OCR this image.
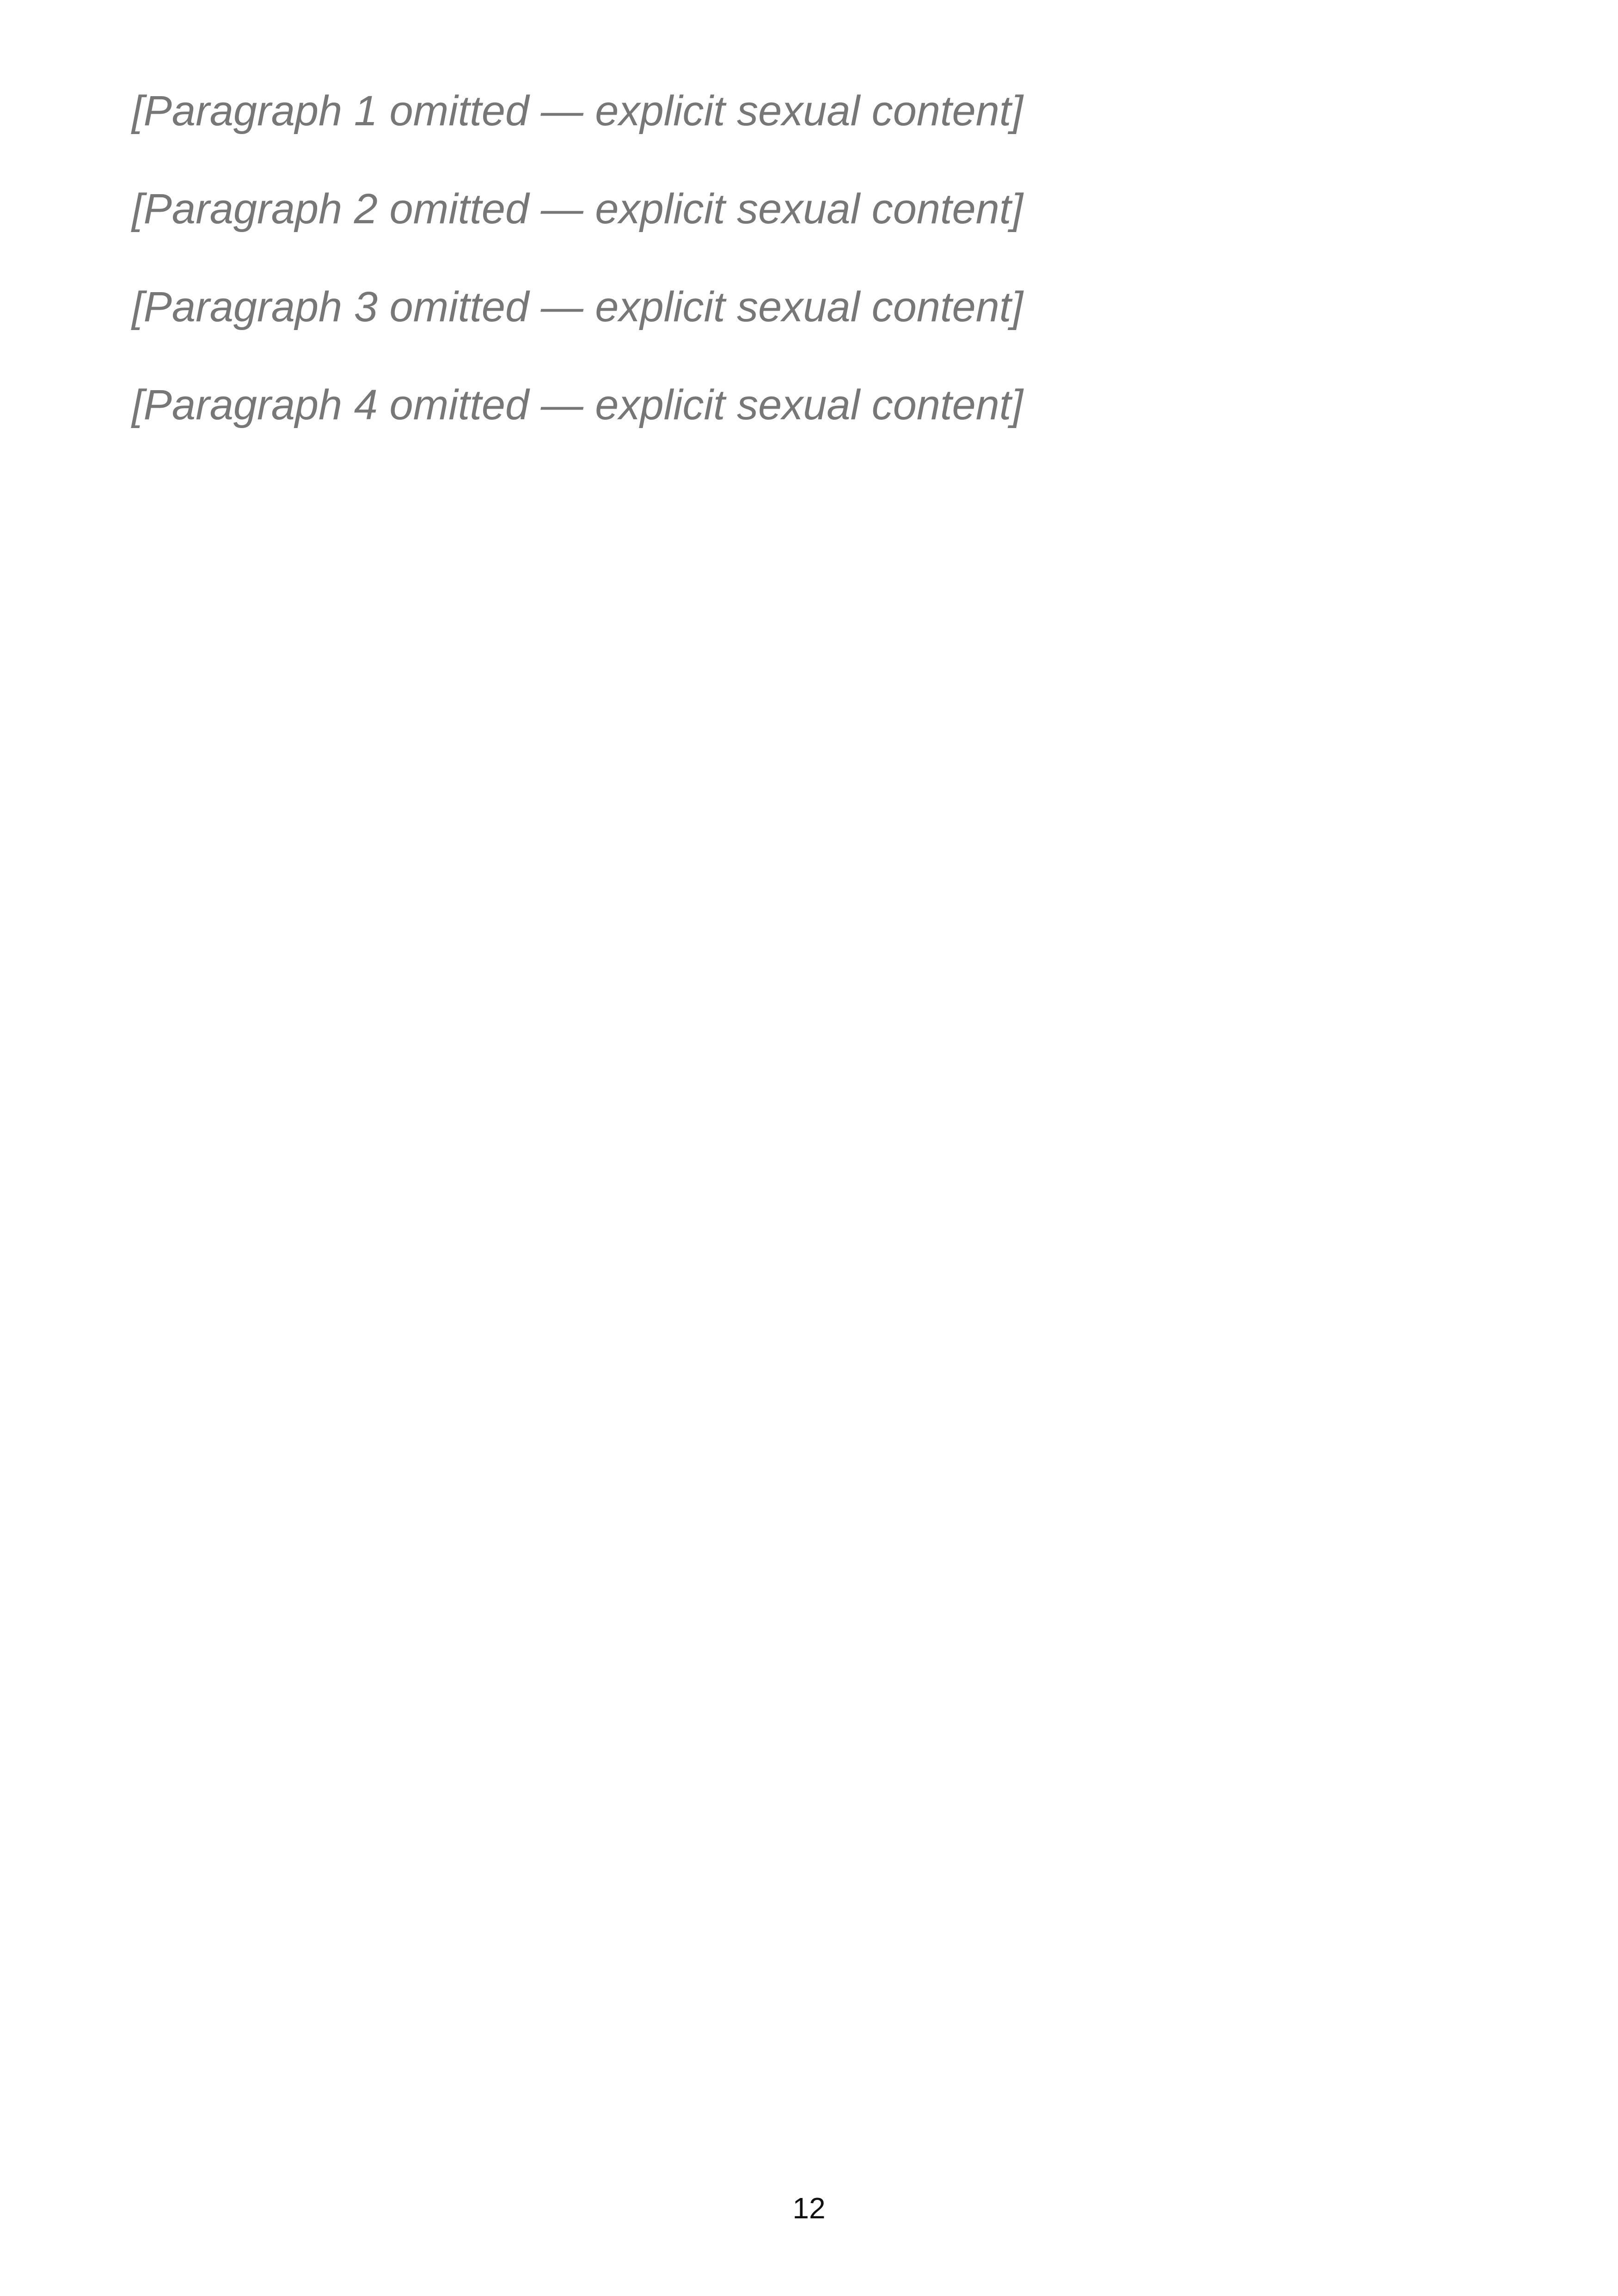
[Paragraph 1 omitted — explicit sexual content]

[Paragraph 2 omitted — explicit sexual content]

[Paragraph 3 omitted — explicit sexual content]

[Paragraph 4 omitted — explicit sexual content]

12
